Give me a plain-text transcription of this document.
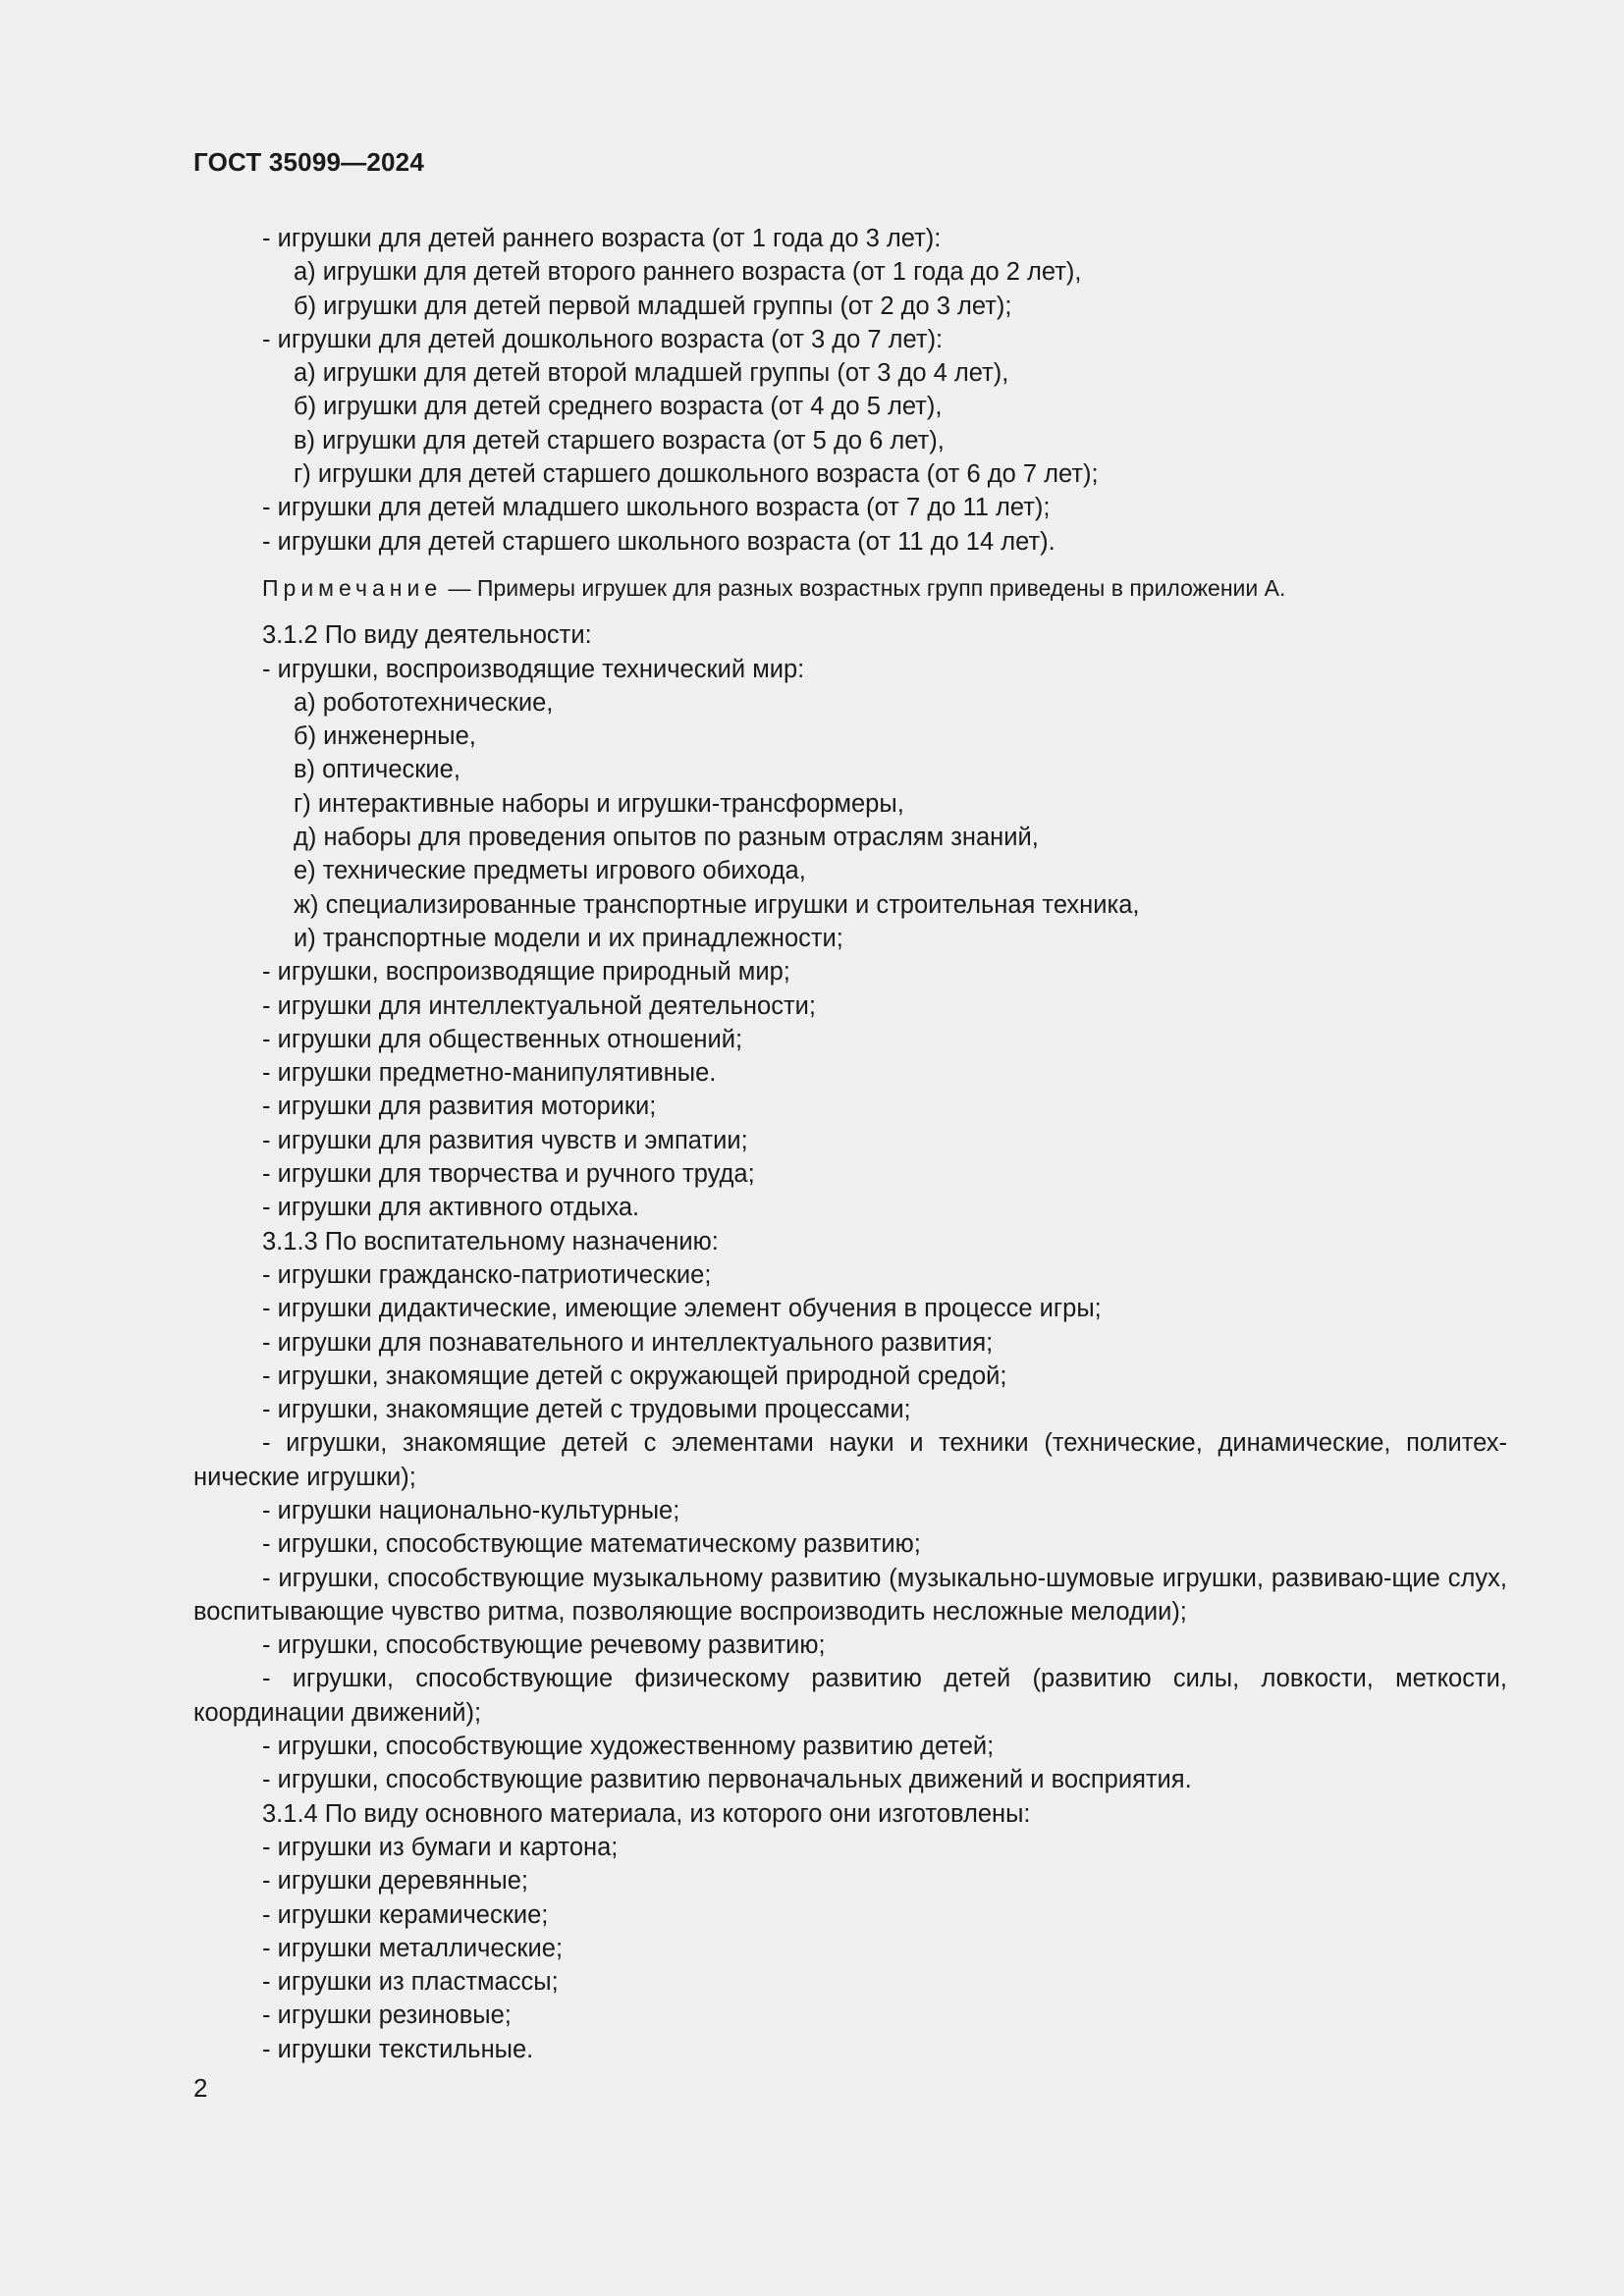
ГОСТ 35099—2024
- игрушки для детей раннего возраста (от 1 года до 3 лет):
а) игрушки для детей второго раннего возраста (от 1 года до 2 лет),
б) игрушки для детей первой младшей группы (от 2 до 3 лет);
- игрушки для детей дошкольного возраста (от 3 до 7 лет):
а) игрушки для детей второй младшей группы (от 3 до 4 лет),
б) игрушки для детей среднего возраста (от 4 до 5 лет),
в) игрушки для детей старшего возраста (от 5 до 6 лет),
г) игрушки для детей старшего дошкольного возраста (от 6 до 7 лет);
- игрушки для детей младшего школьного возраста (от 7 до 11 лет);
- игрушки для детей старшего школьного возраста (от 11 до 14 лет).
Примечание — Примеры игрушек для разных возрастных групп приведены в приложении А.
3.1.2 По виду деятельности:
- игрушки, воспроизводящие технический мир:
а) робототехнические,
б) инженерные,
в) оптические,
г) интерактивные наборы и игрушки-трансформеры,
д) наборы для проведения опытов по разным отраслям знаний,
е) технические предметы игрового обихода,
ж) специализированные транспортные игрушки и строительная техника,
и) транспортные модели и их принадлежности;
- игрушки, воспроизводящие природный мир;
- игрушки для интеллектуальной деятельности;
- игрушки для общественных отношений;
- игрушки предметно-манипулятивные.
- игрушки для развития моторики;
- игрушки для развития чувств и эмпатии;
- игрушки для творчества и ручного труда;
- игрушки для активного отдыха.
3.1.3 По воспитательному назначению:
- игрушки гражданско-патриотические;
- игрушки дидактические, имеющие элемент обучения в процессе игры;
- игрушки для познавательного и интеллектуального развития;
- игрушки, знакомящие детей с окружающей природной средой;
- игрушки, знакомящие детей с трудовыми процессами;
- игрушки, знакомящие детей с элементами науки и техники (технические, динамические, политех-нические игрушки);
- игрушки национально-культурные;
- игрушки, способствующие математическому развитию;
- игрушки, способствующие музыкальному развитию (музыкально-шумовые игрушки, развиваю-щие слух, воспитывающие чувство ритма, позволяющие воспроизводить несложные мелодии);
- игрушки, способствующие речевому развитию;
- игрушки, способствующие физическому развитию детей (развитию силы, ловкости, меткости, координации движений);
- игрушки, способствующие художественному развитию детей;
- игрушки, способствующие развитию первоначальных движений и восприятия.
3.1.4 По виду основного материала, из которого они изготовлены:
- игрушки из бумаги и картона;
- игрушки деревянные;
- игрушки керамические;
- игрушки металлические;
- игрушки из пластмассы;
- игрушки резиновые;
- игрушки текстильные.
2
